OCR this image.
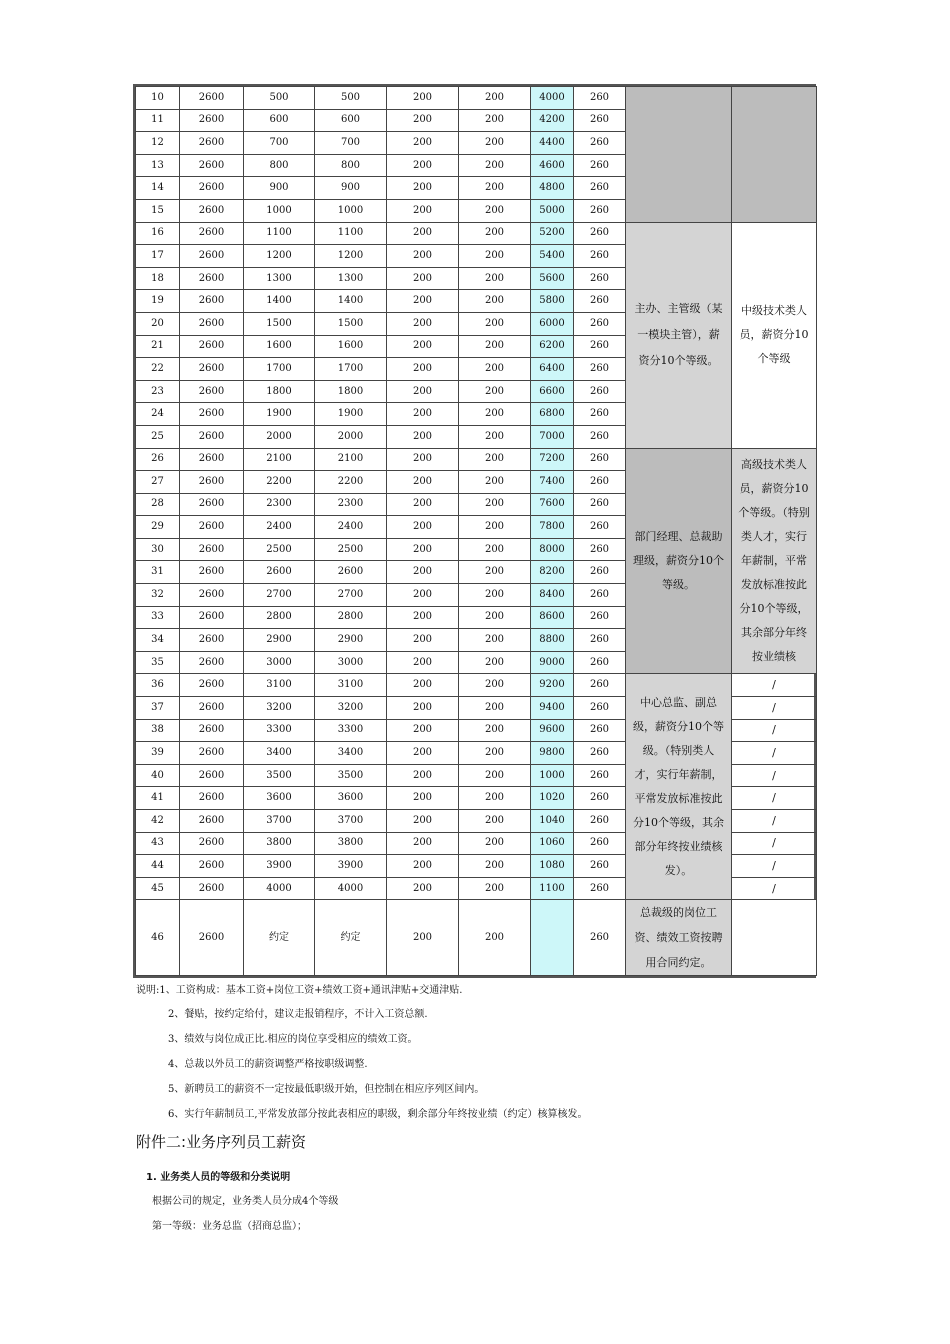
10	2600	500	500	200	200	4000	260		
11	2600	600	600	200	200	4200	260		
12	2600	700	700	200	200	4400	260		
13	2600	800	800	200	200	4600	260		
14	2600	900	900	200	200	4800	260		
15	2600	1000	1000	200	200	5000	260		
16	2600	1100	1100	200	200	5200	260	主办、主管级（某一模块主管），薪资分10个等级。	中级技术类人员，薪资分10个等级
17	2600	1200	1200	200	200	5400	260		
18	2600	1300	1300	200	200	5600	260		
19	2600	1400	1400	200	200	5800	260		
20	2600	1500	1500	200	200	6000	260		
21	2600	1600	1600	200	200	6200	260		
22	2600	1700	1700	200	200	6400	260		
23	2600	1800	1800	200	200	6600	260		
24	2600	1900	1900	200	200	6800	260		
25	2600	2000	2000	200	200	7000	260		
26	2600	2100	2100	200	200	7200	260	部门经理、总裁助理级，薪资分10个等级。	高级技术类人员，薪资分10个等级。（特别类人才，实行年薪制，平常发放标准按此分10个等级，其余部分年终按业绩核
27	2600	2200	2200	200	200	7400	260		
28	2600	2300	2300	200	200	7600	260		
29	2600	2400	2400	200	200	7800	260		
30	2600	2500	2500	200	200	8000	260		
31	2600	2600	2600	200	200	8200	260		
32	2600	2700	2700	200	200	8400	260		
33	2600	2800	2800	200	200	8600	260		
34	2600	2900	2900	200	200	8800	260		
35	2600	3000	3000	200	200	9000	260		
36	2600	3100	3100	200	200	9200	260	中心总监、副总级，薪资分10个等级。（特别类人才，实行年薪制，平常发放标准按此分10个等级，其余部分年终按业绩核发）。	/
37	2600	3200	3200	200	200	9400	260		/
38	2600	3300	3300	200	200	9600	260		/
39	2600	3400	3400	200	200	9800	260		/
40	2600	3500	3500	200	200	1000	260		/
41	2600	3600	3600	200	200	1020	260		/
42	2600	3700	3700	200	200	1040	260		/
43	2600	3800	3800	200	200	1060	260		/
44	2600	3900	3900	200	200	1080	260		/
45	2600	4000	4000	200	200	1100	260		/
46	2600	约定	约定	200	200		260	总裁级的岗位工资、绩效工资按聘用合同约定。	
说明:1、工资构成：基本工资+岗位工资+绩效工资+通讯津贴+交通津贴.
2、餐贴，按约定给付，建议走报销程序，不计入工资总额.
3、绩效与岗位成正比.相应的岗位享受相应的绩效工资。
4、总裁以外员工的薪资调整严格按职级调整.
5、新聘员工的薪资不一定按最低职级开始，但控制在相应序列区间内。
6、实行年薪制员工,平常发放部分按此表相应的职级，剩余部分年终按业绩（约定）核算核发。
附件二:业务序列员工薪资
1. 业务类人员的等级和分类说明
根据公司的规定，业务类人员分成4个等级
第一等级：业务总监（招商总监）；
